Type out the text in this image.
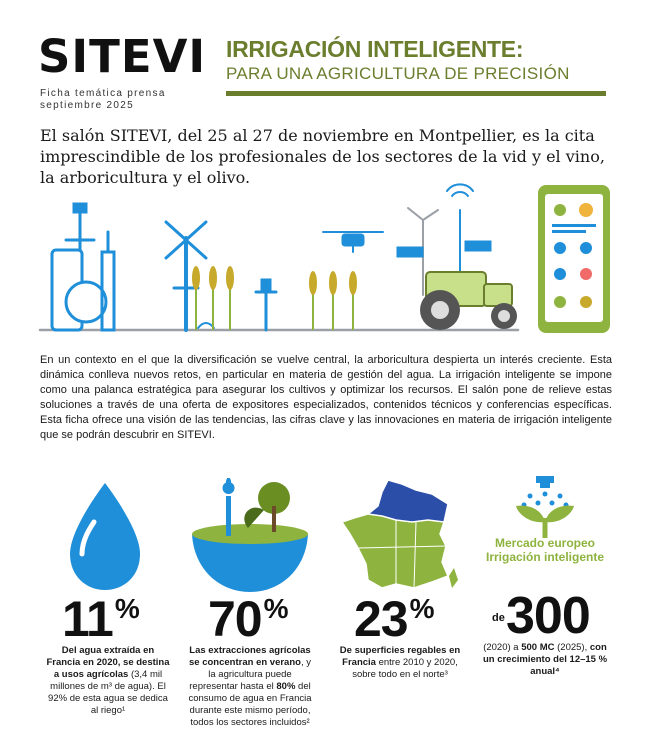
SITEVI
Ficha temática prensa
septiembre 2025
IRRIGACIÓN INTELIGENTE:
PARA UNA AGRICULTURA DE PRECISIÓN
El salón SITEVI, del 25 al 27 de noviembre en Montpellier, es la cita imprescindible de los profesionales de los sectores de la vid y el vino, la arboricultura y el olivo.
En un contexto en el que la diversificación se vuelve central, la arboricultura despierta un interés creciente. Esta dinámica conlleva nuevos retos, en particular en materia de gestión del agua. La irrigación inteligente se impone como una palanca estratégica para asegurar los cultivos y optimizar los recursos. El salón pone de relieve estas soluciones a través de una oferta de expositores especializados, contenidos técnicos y conferencias específicas. Esta ficha ofrece una visión de las tendencias, las cifras clave y las innovaciones en materia de irrigación inteligente que se podrán descubrir en SITEVI.
11%
Del agua extraída en Francia en 2020, se destina a usos agrícolas (3,4 mil millones de m³ de agua). El 92% de esta agua se dedica al riego¹
70%
Las extracciones agrícolas se concentran en verano, y la agricultura puede representar hasta el 80% del consumo de agua en Francia durante este mismo período, todos los sectores incluidos²
23%
De superficies regables en Francia entre 2010 y 2020, sobre todo en el norte³
Mercado europeo
Irrigación inteligente
de 300
(2020) a 500 MC (2025), con un crecimiento del 12–15 % anual⁴
